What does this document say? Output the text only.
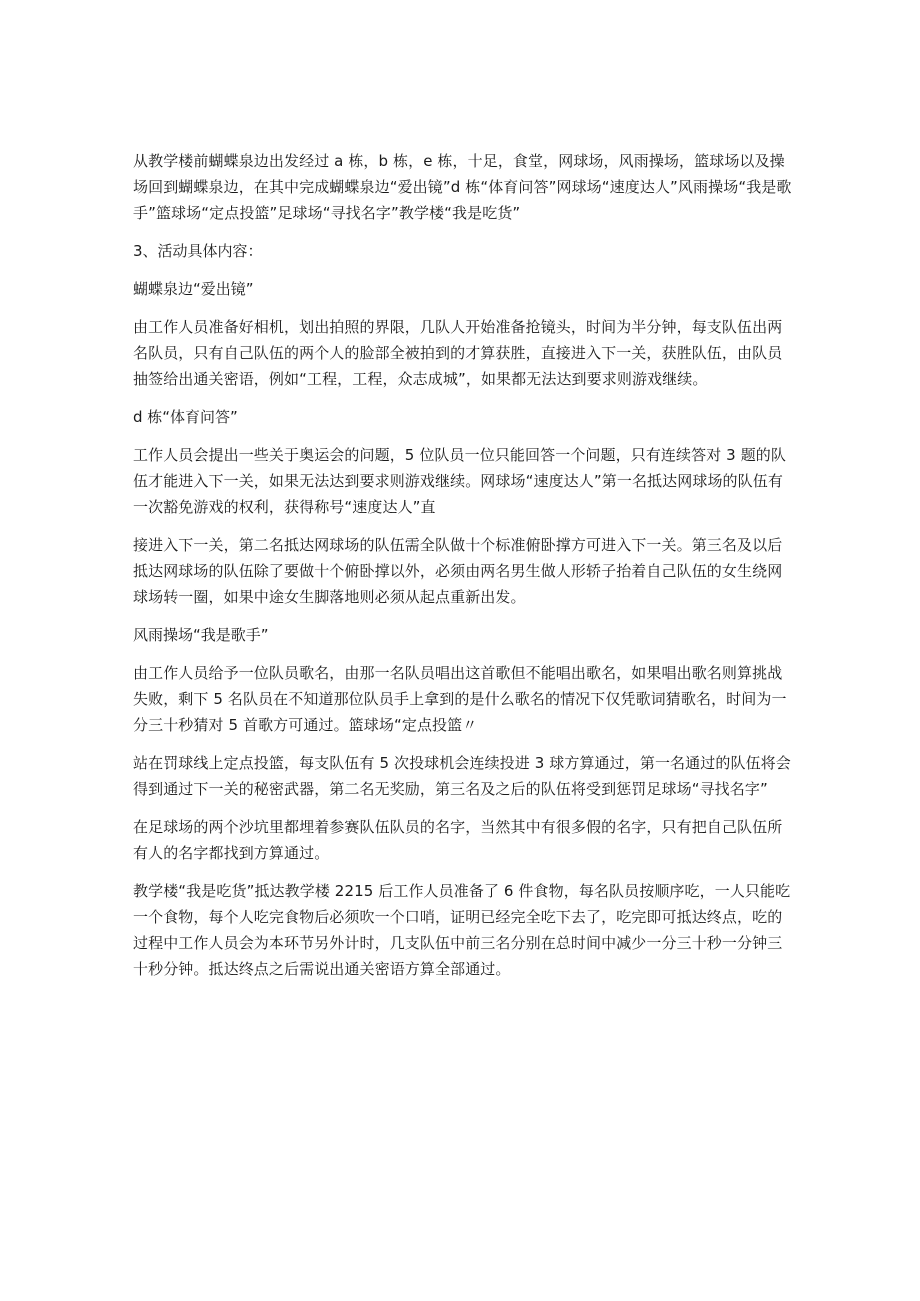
从教学楼前蝴蝶泉边出发经过 a 栋，b 栋，e 栋，十足，食堂，网球场，风雨操场，篮球场以及操场回到蝴蝶泉边，在其中完成蝴蝶泉边“爱出镜”d 栋“体育问答”网球场“速度达人”风雨操场“我是歌手”篮球场“定点投篮”足球场“寻找名字”教学楼“我是吃货”

3、活动具体内容：

蝴蝶泉边“爱出镜”

由工作人员准备好相机，划出拍照的界限，几队人开始准备抢镜头，时间为半分钟，每支队伍出两名队员，只有自己队伍的两个人的脸部全被拍到的才算获胜，直接进入下一关，获胜队伍，由队员抽签给出通关密语，例如“工程，工程，众志成城”，如果都无法达到要求则游戏继续。

d 栋“体育问答”

工作人员会提出一些关于奥运会的问题，5 位队员一位只能回答一个问题，只有连续答对 3 题的队伍才能进入下一关，如果无法达到要求则游戏继续。网球场“速度达人”第一名抵达网球场的队伍有一次豁免游戏的权利，获得称号“速度达人”直

接进入下一关，第二名抵达网球场的队伍需全队做十个标准俯卧撑方可进入下一关。第三名及以后抵达网球场的队伍除了要做十个俯卧撑以外，必须由两名男生做人形轿子抬着自己队伍的女生绕网球场转一圈，如果中途女生脚落地则必须从起点重新出发。

风雨操场“我是歌手”

由工作人员给予一位队员歌名，由那一名队员唱出这首歌但不能唱出歌名，如果唱出歌名则算挑战失败，剩下 5 名队员在不知道那位队员手上拿到的是什么歌名的情况下仅凭歌词猜歌名，时间为一分三十秒猜对 5 首歌方可通过。篮球场“定点投篮〃

站在罚球线上定点投篮，每支队伍有 5 次投球机会连续投进 3 球方算通过，第一名通过的队伍将会得到通过下一关的秘密武器，第二名无奖励，第三名及之后的队伍将受到惩罚足球场“寻找名字”

在足球场的两个沙坑里都埋着参赛队伍队员的名字，当然其中有很多假的名字，只有把自己队伍所有人的名字都找到方算通过。

教学楼“我是吃货”抵达教学楼 2215 后工作人员准备了 6 件食物，每名队员按顺序吃，一人只能吃一个食物，每个人吃完食物后必须吹一个口哨，证明已经完全吃下去了，吃完即可抵达终点，吃的过程中工作人员会为本环节另外计时，几支队伍中前三名分别在总时间中减少一分三十秒一分钟三十秒分钟。抵达终点之后需说出通关密语方算全部通过。
